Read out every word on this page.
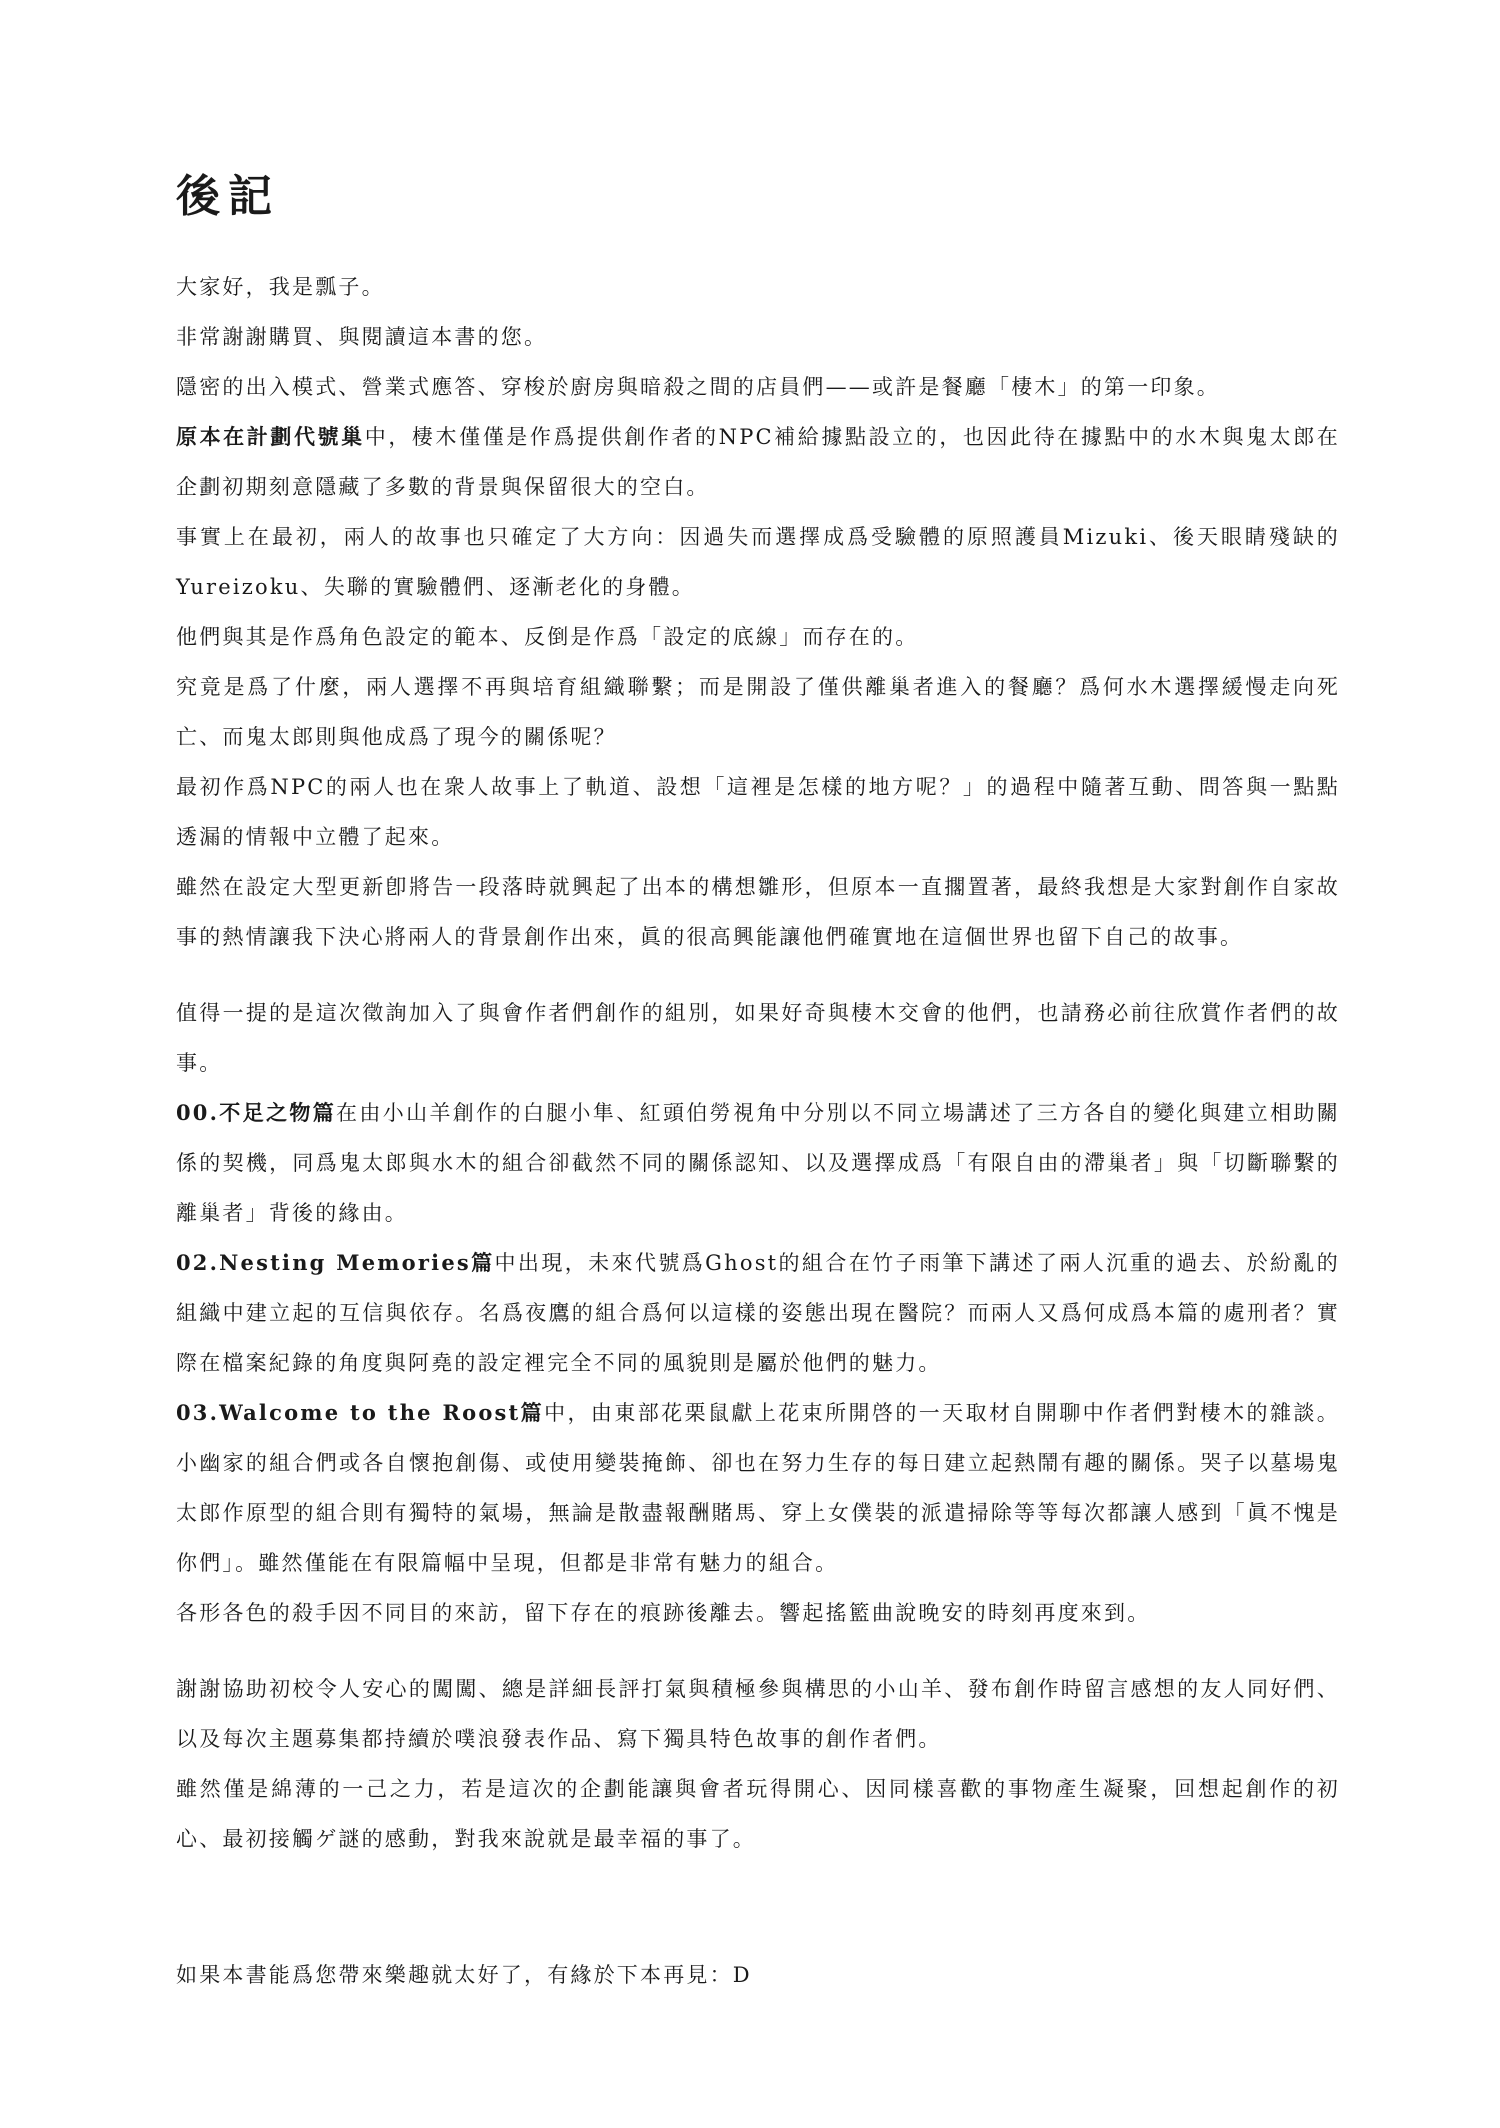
後記

大家好，我是瓢子。

非常謝謝購買、與閱讀這本書的您。

隱密的出入模式、營業式應答、穿梭於廚房與暗殺之間的店員們——或許是餐廳「棲木」的第一印象。

原本在計劃代號巢中，棲木僅僅是作爲提供創作者的NPC補給據點設立的，也因此待在據點中的水木與鬼太郎在企劃初期刻意隱藏了多數的背景與保留很大的空白。

事實上在最初，兩人的故事也只確定了大方向：因過失而選擇成爲受驗體的原照護員Mizuki、後天眼睛殘缺的Yureizoku、失聯的實驗體們、逐漸老化的身體。

他們與其是作爲角色設定的範本、反倒是作爲「設定的底線」而存在的。

究竟是爲了什麼，兩人選擇不再與培育組織聯繫；而是開設了僅供離巢者進入的餐廳？爲何水木選擇緩慢走向死亡、而鬼太郎則與他成爲了現今的關係呢？

最初作爲NPC的兩人也在衆人故事上了軌道、設想「這裡是怎樣的地方呢？」的過程中隨著互動、問答與一點點透漏的情報中立體了起來。

雖然在設定大型更新卽將告一段落時就興起了出本的構想雛形，但原本一直擱置著，最終我想是大家對創作自家故事的熱情讓我下決心將兩人的背景創作出來，眞的很高興能讓他們確實地在這個世界也留下自己的故事。

值得一提的是這次徵詢加入了與會作者們創作的組別，如果好奇與棲木交會的他們，也請務必前往欣賞作者們的故事。

00.不足之物篇在由小山羊創作的白腿小隼、紅頭伯勞視角中分別以不同立場講述了三方各自的變化與建立相助關係的契機，同爲鬼太郎與水木的組合卻截然不同的關係認知、以及選擇成爲「有限自由的滯巢者」與「切斷聯繫的離巢者」背後的緣由。

02.Nesting Memories篇中出現，未來代號爲Ghost的組合在竹子雨筆下講述了兩人沉重的過去、於紛亂的組織中建立起的互信與依存。名爲夜鷹的組合爲何以這樣的姿態出現在醫院？而兩人又爲何成爲本篇的處刑者？實際在檔案紀錄的角度與阿堯的設定裡完全不同的風貌則是屬於他們的魅力。

03.Walcome to the Roost篇中，由東部花栗鼠獻上花束所開啓的一天取材自開聊中作者們對棲木的雜談。小幽家的組合們或各自懷抱創傷、或使用變裝掩飾、卻也在努力生存的每日建立起熱鬧有趣的關係。哭子以墓場鬼太郎作原型的組合則有獨特的氣場，無論是散盡報酬賭馬、穿上女僕裝的派遣掃除等等每次都讓人感到「眞不愧是你們」。雖然僅能在有限篇幅中呈現，但都是非常有魅力的組合。

各形各色的殺手因不同目的來訪，留下存在的痕跡後離去。響起搖籃曲說晚安的時刻再度來到。

謝謝協助初校令人安心的闖闖、總是詳細長評打氣與積極參與構思的小山羊、發布創作時留言感想的友人同好們、以及每次主題募集都持續於噗浪發表作品、寫下獨具特色故事的創作者們。

雖然僅是綿薄的一己之力，若是這次的企劃能讓與會者玩得開心、因同樣喜歡的事物產生凝聚，回想起創作的初心、最初接觸ゲ謎的感動，對我來說就是最幸福的事了。

如果本書能爲您帶來樂趣就太好了，有緣於下本再見：D
